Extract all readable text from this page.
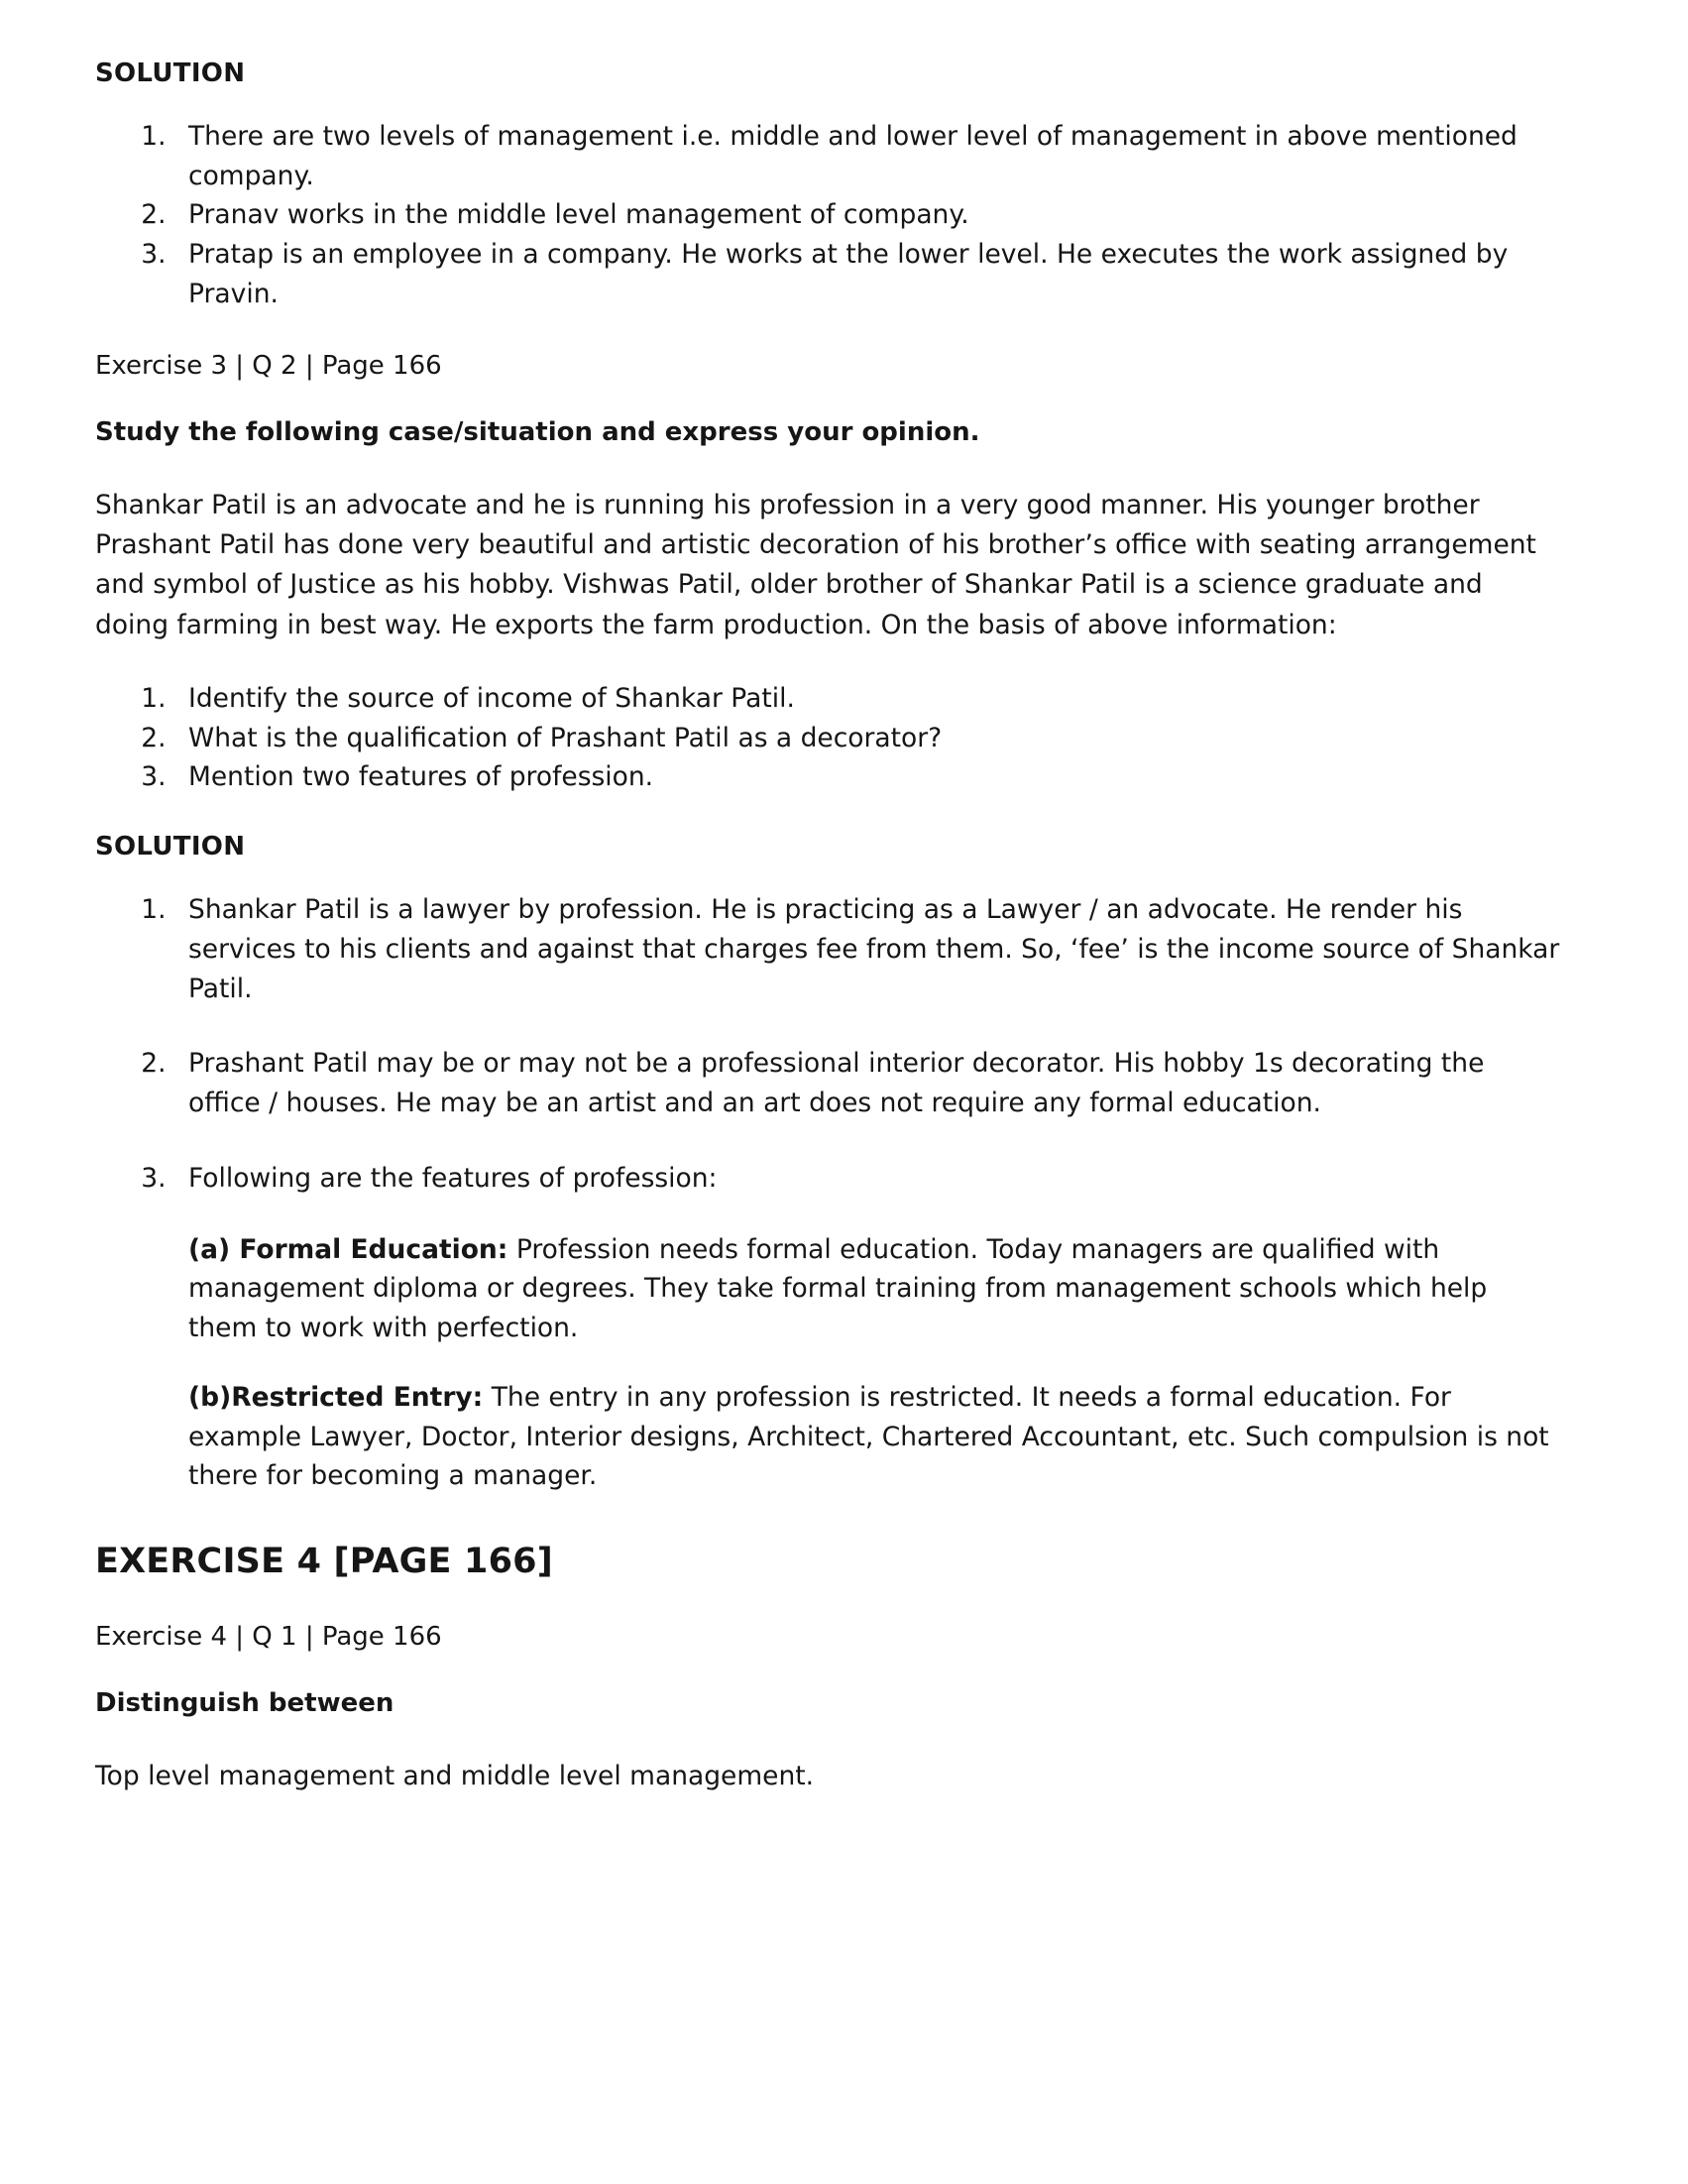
SOLUTION
1. There are two levels of management i.e. middle and lower level of management in above mentioned company.
2. Pranav works in the middle level management of company.
3. Pratap is an employee in a company. He works at the lower level. He executes the work assigned by Pravin.
Exercise 3 | Q 2 | Page 166
Study the following case/situation and express your opinion.
Shankar Patil is an advocate and he is running his profession in a very good manner. His younger brother Prashant Patil has done very beautiful and artistic decoration of his brother’s office with seating arrangement and symbol of Justice as his hobby. Vishwas Patil, older brother of Shankar Patil is a science graduate and doing farming in best way. He exports the farm production. On the basis of above information:
1. Identify the source of income of Shankar Patil.
2. What is the qualification of Prashant Patil as a decorator?
3. Mention two features of profession.
SOLUTION
1. Shankar Patil is a lawyer by profession. He is practicing as a Lawyer / an advocate. He render his services to his clients and against that charges fee from them. So, ‘fee’ is the income source of Shankar Patil.
2. Prashant Patil may be or may not be a professional interior decorator. His hobby 1s decorating the office / houses. He may be an artist and an art does not require any formal education.
3. Following are the features of profession:
(a) Formal Education: Profession needs formal education. Today managers are qualified with management diploma or degrees. They take formal training from management schools which help them to work with perfection.
(b)Restricted Entry: The entry in any profession is restricted. It needs a formal education. For example Lawyer, Doctor, Interior designs, Architect, Chartered Accountant, etc. Such compulsion is not there for becoming a manager.
EXERCISE 4 [PAGE 166]
Exercise 4 | Q 1 | Page 166
Distinguish between
Top level management and middle level management.
